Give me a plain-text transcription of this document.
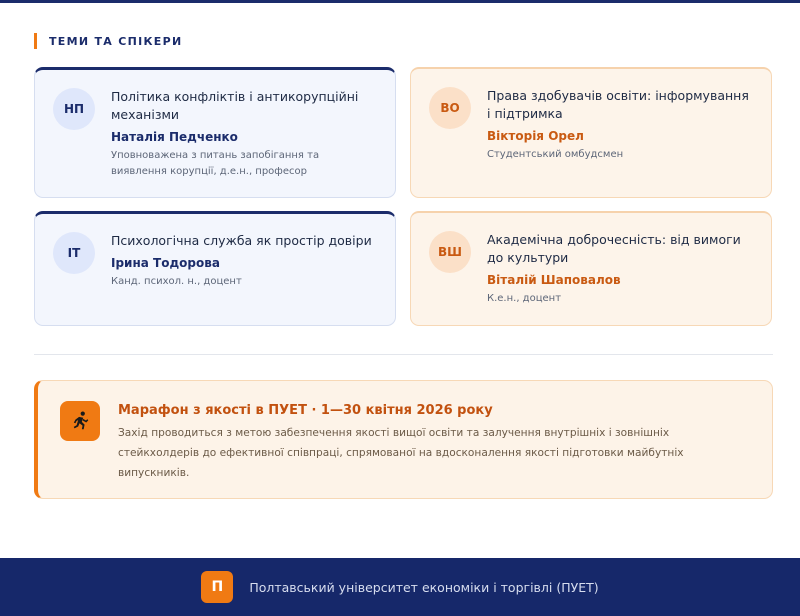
ТЕМИ ТА СПІКЕРИ
НП
Політика конфліктів і антикорупційні механізми
Наталія Педченко
Уповноважена з питань запобігання та виявлення корупції, д.е.н., професор
ВО
Права здобувачів освіти: інформування і підтримка
Вікторія Орел
Студентський омбудсмен
ІТ
Психологічна служба як простір довіри
Ірина Тодорова
Канд. психол. н., доцент
ВШ
Академічна доброчесність: від вимоги до культури
Віталій Шаповалов
К.е.н., доцент
Марафон з якості в ПУЕТ · 1—30 квітня 2026 року
Захід проводиться з метою забезпечення якості вищої освіти та залучення внутрішніх і зовнішніх стейкхолдерів до ефективної співпраці, спрямованої на вдосконалення якості підготовки майбутніх випускників.
П	Полтавський університет економіки і торгівлі (ПУЕТ)
